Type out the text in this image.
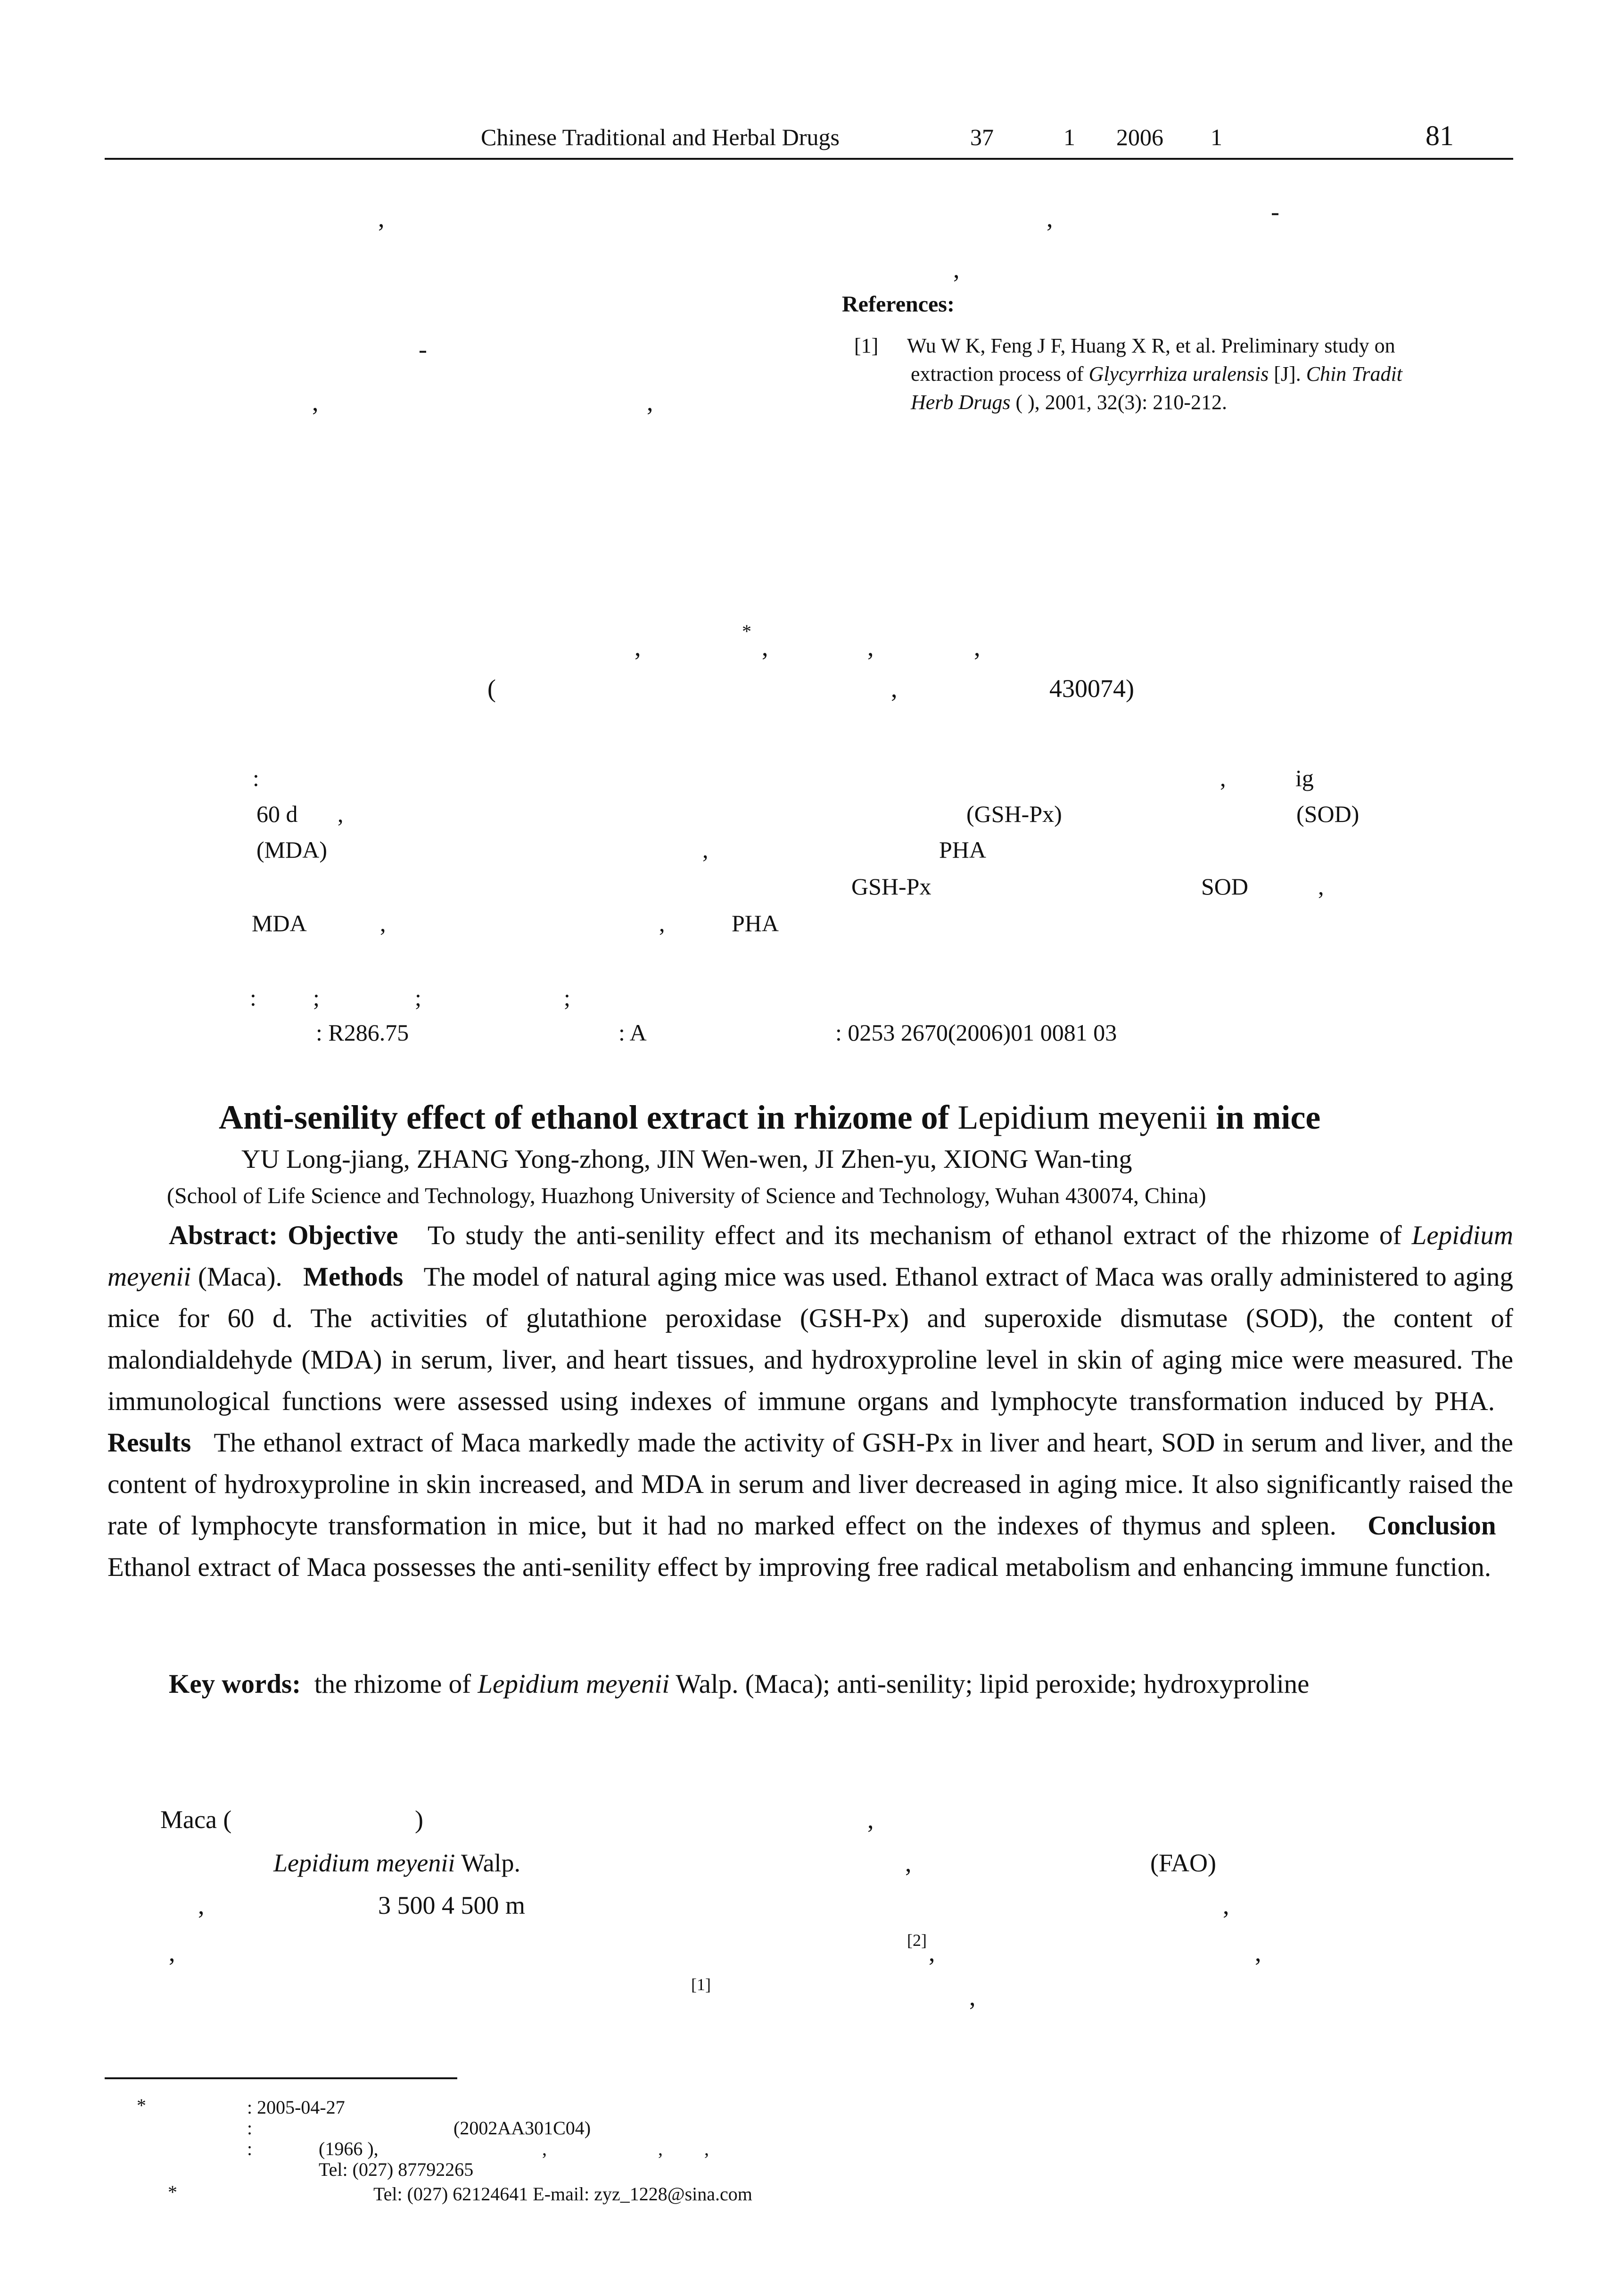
Chinese Traditional and Herbal Drugs	37	1 2006 1	81
,	,	-
,
-
,	,
References:
[1] Wu W K, Feng J F, Huang X R, et al. Preliminary study on
extraction process of Glycyrrhiza uralensis [J]. Chin Tradit
Herb Drugs ( ), 2001, 32(3): 210-212.
*
,	,	,	,
(	,	430074)
:	,	ig
60 d ,	(GSH-Px)	(SOD)
(MDA)	,	PHA
GSH-Px	SOD	,
MDA	,	,	PHA
: ;	;	;
: R286.75	: A	: 0253 2670(2006)01 0081 03
Anti-senility effect of ethanol extract in rhizome of Lepidium meyenii in mice
YU Long-jiang, ZHANG Yong-zhong, JIN Wen-wen, JI Zhen-yu, XIONG Wan-ting
(School of Life Science and Technology, Huazhong University of Science and Technology, Wuhan 430074, China)

Abstract: Objective To study the anti-senility effect and its mechanism of ethanol extract of the rhizome of Lepidium meyenii (Maca). Methods The model of natural aging mice was used. Ethanol extract of Maca was orally administered to aging mice for 60 d. The activities of glutathione peroxidase (GSH-Px) and superoxide dismutase (SOD), the content of malondialdehyde (MDA) in serum, liver, and heart tissues, and hydroxyproline level in skin of aging mice were measured. The immunological functions were assessed using indexes of immune organs and lymphocyte transformation induced by PHA.   Results The ethanol extract of Maca markedly made the activity of GSH-Px in liver and heart, SOD in serum and liver, and the content of hydroxyproline in skin increased, and MDA in serum and liver decreased in aging mice. It also significantly raised the rate of lymphocyte transformation in mice, but it had no marked effect on the indexes of thymus and spleen. Conclusion   Ethanol extract of Maca possesses the anti-senility effect by improving free radical metabolism and enhancing immune function.

Key words: the rhizome of Lepidium meyenii Walp. (Maca); anti-senility; lipid peroxide; hydroxyproline

Maca (	)	,
Lepidium meyenii Walp.	,	(FAO)
,	3 500 4 500 m	,
[2]
,	,	,
[1]	,
*	: 2005-04-27
:	(2002AA301C04)
:	(1966 ),	,	, ,
Tel: (027) 87792265
*	Tel: (027) 62124641 E-mail: zyz_1228@sina.com
